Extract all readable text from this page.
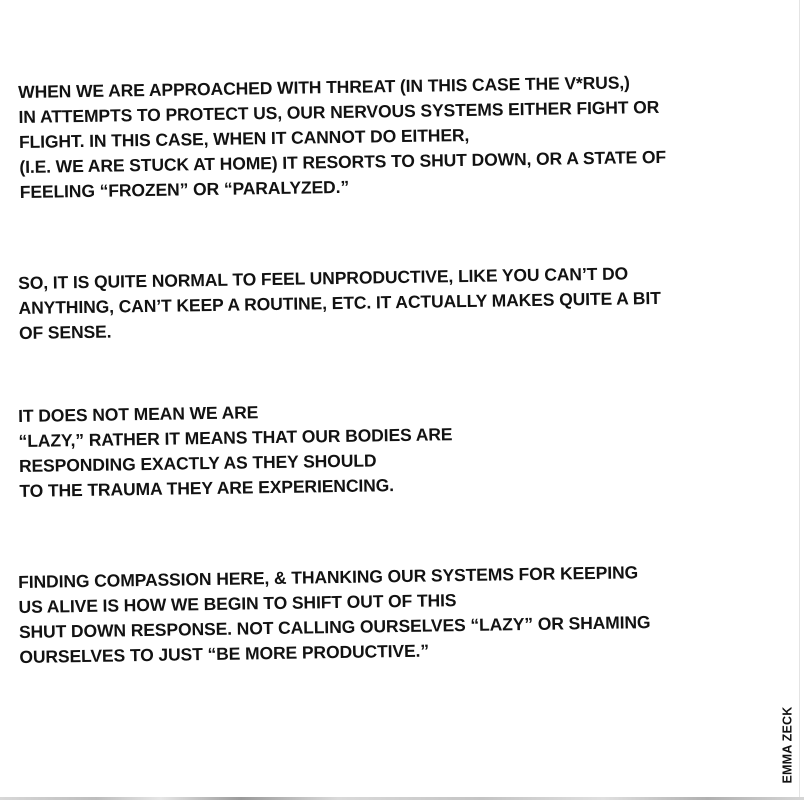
WHEN WE ARE APPROACHED WITH THREAT (IN THIS CASE THE V*RUS,)
IN ATTEMPTS TO PROTECT US, OUR NERVOUS SYSTEMS EITHER FIGHT OR
FLIGHT. IN THIS CASE, WHEN IT CANNOT DO EITHER,
(I.E. WE ARE STUCK AT HOME) IT RESORTS TO SHUT DOWN, OR A STATE OF
FEELING “FROZEN” OR “PARALYZED.”

SO, IT IS QUITE NORMAL TO FEEL UNPRODUCTIVE, LIKE YOU CAN’T DO
ANYTHING, CAN’T KEEP A ROUTINE, ETC. IT ACTUALLY MAKES QUITE A BIT
OF SENSE.

IT DOES NOT MEAN WE ARE
“LAZY,” RATHER IT MEANS THAT OUR BODIES ARE
RESPONDING EXACTLY AS THEY SHOULD
TO THE TRAUMA THEY ARE EXPERIENCING.

FINDING COMPASSION HERE, & THANKING OUR SYSTEMS FOR KEEPING
US ALIVE IS HOW WE BEGIN TO SHIFT OUT OF THIS
SHUT DOWN RESPONSE. NOT CALLING OURSELVES “LAZY” OR SHAMING
OURSELVES TO JUST “BE MORE PRODUCTIVE.”

EMMA ZECK
